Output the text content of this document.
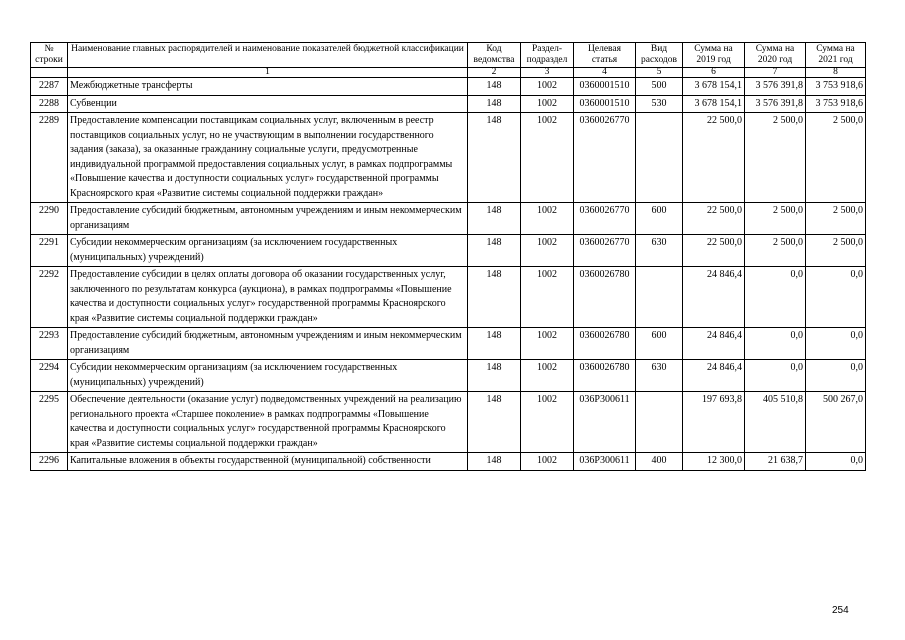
№ строки	Наименование главных распорядителей и наименование показателей бюджетной классификации	Код ведомства	Раздел-подраздел	Целевая статья	Вид расходов	Сумма на 2019 год	Сумма на 2020 год	Сумма на 2021 год
	1	2	3	4	5	6	7	8
2287	Межбюджетные трансферты	148	1002	0360001510	500	3 678 154,1	3 576 391,8	3 753 918,6
2288	Субвенции	148	1002	0360001510	530	3 678 154,1	3 576 391,8	3 753 918,6
2289	Предоставление компенсации поставщикам социальных услуг, включенным в реестр поставщиков социальных услуг, но не участвующим в выполнении государственного задания (заказа), за оказанные гражданину социальные услуги, предусмотренные индивидуальной программой предоставления социальных услуг, в рамках подпрограммы «Повышение качества и доступности социальных услуг» государственной программы Красноярского края «Развитие системы социальной поддержки граждан»	148	1002	0360026770		22 500,0	2 500,0	2 500,0
2290	Предоставление субсидий бюджетным, автономным учреждениям и иным некоммерческим организациям	148	1002	0360026770	600	22 500,0	2 500,0	2 500,0
2291	Субсидии некоммерческим организациям (за исключением государственных (муниципальных) учреждений)	148	1002	0360026770	630	22 500,0	2 500,0	2 500,0
2292	Предоставление субсидии в целях оплаты договора об оказании государственных услуг, заключенного по результатам конкурса (аукциона), в рамках подпрограммы «Повышение качества и доступности социальных услуг» государственной программы Красноярского края «Развитие системы социальной поддержки граждан»	148	1002	0360026780		24 846,4	0,0	0,0
2293	Предоставление субсидий бюджетным, автономным учреждениям и иным некоммерческим организациям	148	1002	0360026780	600	24 846,4	0,0	0,0
2294	Субсидии некоммерческим организациям (за исключением государственных (муниципальных) учреждений)	148	1002	0360026780	630	24 846,4	0,0	0,0
2295	Обеспечение деятельности (оказание услуг) подведомственных учреждений на реализацию регионального проекта «Старшее поколение» в рамках подпрограммы «Повышение качества и доступности социальных услуг» государственной программы Красноярского края «Развитие системы социальной поддержки граждан»	148	1002	036P300611		197 693,8	405 510,8	500 267,0
2296	Капитальные вложения в объекты государственной (муниципальной) собственности	148	1002	036P300611	400	12 300,0	21 638,7	0,0
254
